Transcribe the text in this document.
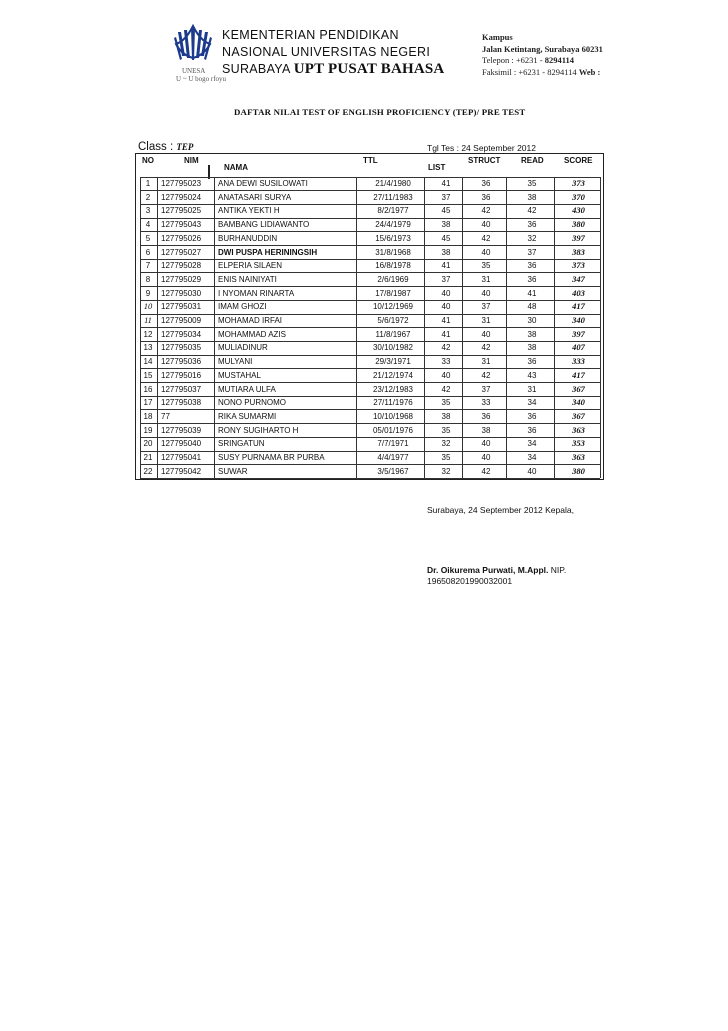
UNESA
U ~ U bogo rfoyu
KEMENTERIAN PENDIDIKAN
NASIONAL UNIVERSITAS NEGERI
SURABAYA UPT PUSAT BAHASA
Kampus
Jalan Ketintang, Surabaya 60231
Telepon : +6231 - 8294114
Faksimil : +6231 - 8294114 Web :
DAFTAR NILAI TEST OF ENGLISH PROFICIENCY (TEP)/ PRE TEST
Class : TEP	Tgl Tes : 24 September 2012
NO	NIM
NAMA
TTL
LIST
STRUCT	READ	SCORE
1	127795023 ANA DEWI SUSILOWATI	21/4/1980	41	36	35	373
2	127795024 ANATASARI SURYA	27/11/1983	37	36	38	370
3	127795025 ANTIKA YEKTI H	8/2/1977	45	42	42	430
4	127795043 BAMBANG LIDIAWANTO	24/4/1979	38	40	36	380
5	127795026 BURHANUDDIN	15/6/1973	45	42	32	397
6	127795027 DWI PUSPA HERININGSIH	31/8/1968	38	40	37	383
7	127795028 ELPERIA SILAEN	16/8/1978	41	35	36	373
8	127795029 ENIS NAINIYATI	2/6/1969	37	31	36	347
9	127795030 I NYOMAN RINARTA	17/8/1987	40	40	41	403
10	127795031 IMAM GHOZI	10/12/1969	40	37	48	417
11	127795009 MOHAMAD IRFAI	5/6/1972	41	31	30	340
12	127795034 MOHAMMAD AZIS	11/8/1967	41	40	38	397
13	127795035 MULIADINUR	30/10/1982	42	42	38	407
14	127795036 MULYANI	29/3/1971	33	31	36	333
15	127795016 MUSTAHAL	21/12/1974	40	42	43	417
16	127795037 MUTIARA ULFA	23/12/1983	42	37	31	367
17	127795038 NONO PURNOMO	27/11/1976	35	33	34	340
18	77	RIKA SUMARMI	10/10/1968	38	36	36	367
19	127795039 RONY SUGIHARTO H	05/01/1976	35	38	36	363
20	127795040 SRINGATUN	7/7/1971	32	40	34	353
21	127795041 SUSY PURNAMA BR PURBA	4/4/1977	35	40	34	363
22	127795042 SUWAR	3/5/1967	32	42	40	380
Surabaya, 24 September 2012 Kepala,
Dr. Oikurema Purwati, M.Appl. NIP.
196508201990032001
